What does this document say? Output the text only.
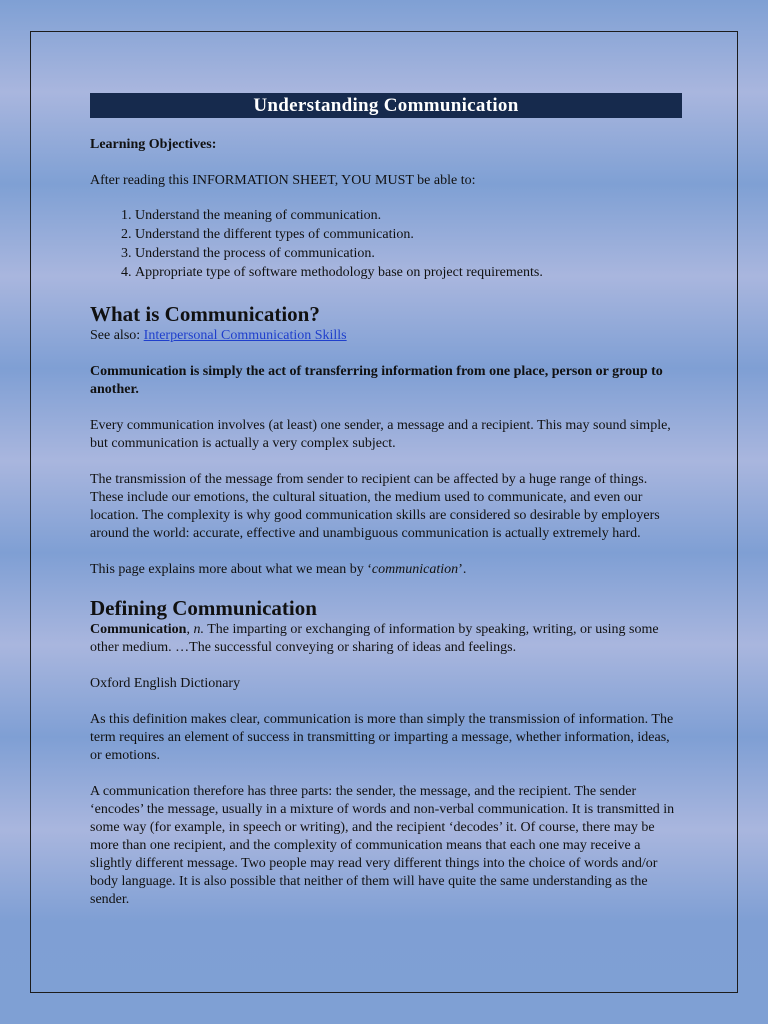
Understanding Communication

Learning Objectives:

After reading this INFORMATION SHEET, YOU MUST be able to:

1. Understand the meaning of communication.
2. Understand the different types of communication.
3. Understand the process of communication.
4. Appropriate type of software methodology base on project requirements.
What is Communication?

See also: Interpersonal Communication Skills

Communication is simply the act of transferring information from one place, person or group to another.

Every communication involves (at least) one sender, a message and a recipient. This may sound simple, but communication is actually a very complex subject.

The transmission of the message from sender to recipient can be affected by a huge range of things. These include our emotions, the cultural situation, the medium used to communicate, and even our location. The complexity is why good communication skills are considered so desirable by employers around the world: accurate, effective and unambiguous communication is actually extremely hard.

This page explains more about what we mean by ‘communication’.

Defining Communication

Communication, n. The imparting or exchanging of information by speaking, writing, or using some other medium. …The successful conveying or sharing of ideas and feelings.

Oxford English Dictionary

As this definition makes clear, communication is more than simply the transmission of information. The term requires an element of success in transmitting or imparting a message, whether information, ideas, or emotions.

A communication therefore has three parts: the sender, the message, and the recipient. The sender ‘encodes’ the message, usually in a mixture of words and non-verbal communication. It is transmitted in some way (for example, in speech or writing), and the recipient ‘decodes’ it. Of course, there may be more than one recipient, and the complexity of communication means that each one may receive a slightly different message. Two people may read very different things into the choice of words and/or body language. It is also possible that neither of them will have quite the same understanding as the sender.
